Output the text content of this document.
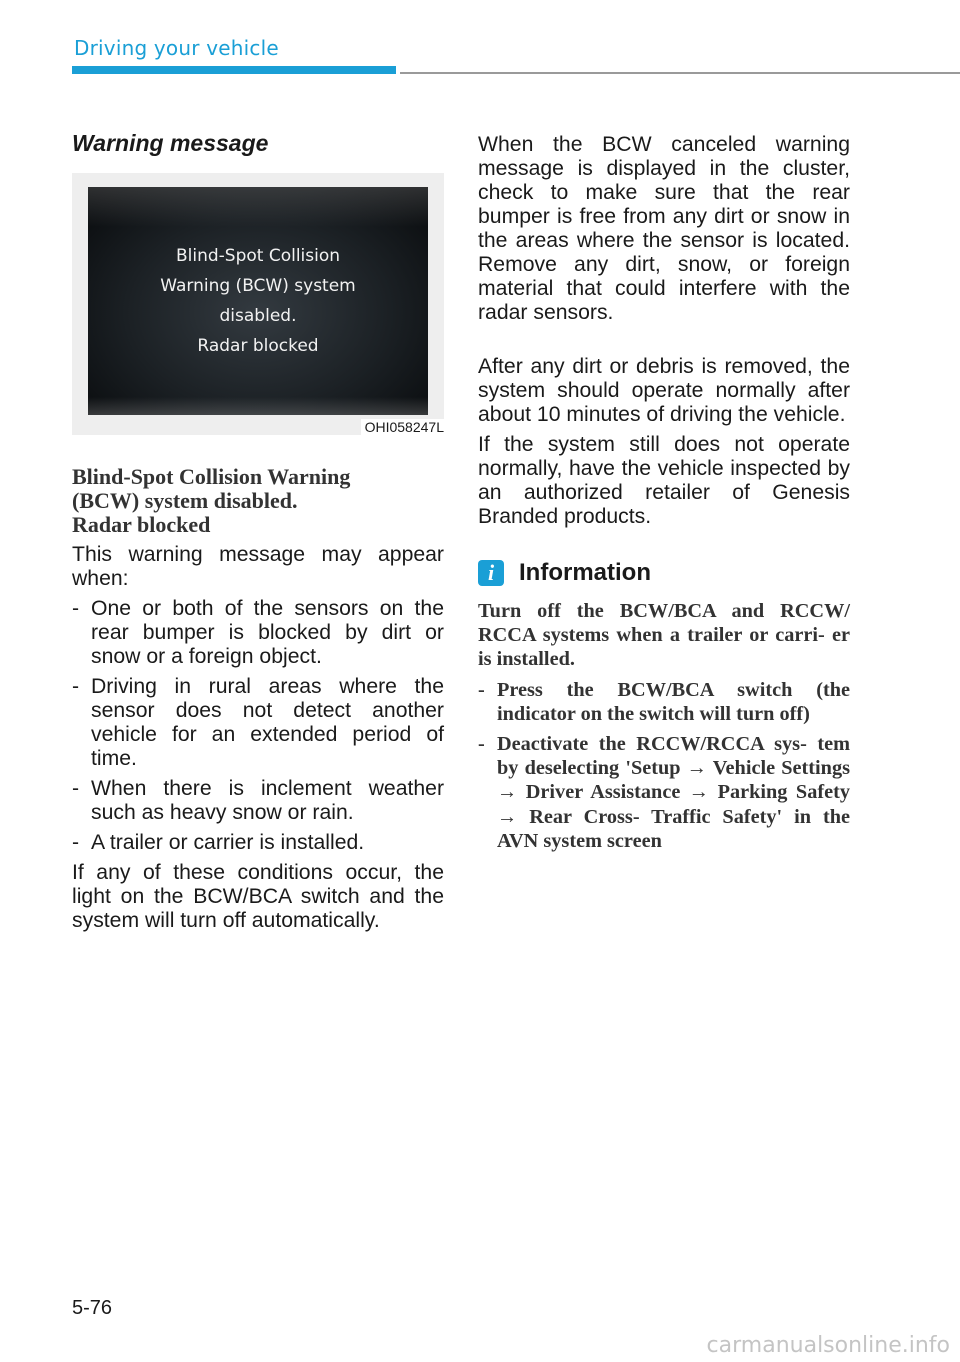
Driving your vehicle

Warning message

Blind-Spot Collision
Warning (BCW) system
disabled.
Radar blocked
OHI058247L

Blind-Spot Collision Warning
(BCW) system disabled.
Radar blocked

This warning message may appear when:

- One or both of the sensors on the rear bumper is blocked by dirt or snow or a foreign object.
- Driving in rural areas where the sensor does not detect another vehicle for an extended period of time.
- When there is inclement weather such as heavy snow or rain.
- A trailer or carrier is installed.

If any of these conditions occur, the light on the BCW/BCA switch and the system will turn off automatically.

When the BCW canceled warning message is displayed in the cluster, check to make sure that the rear bumper is free from any dirt or snow in the areas where the sensor is located. Remove any dirt, snow, or foreign material that could interfere with the radar sensors.

After any dirt or debris is removed, the system should operate normally after about 10 minutes of driving the vehicle.

If the system still does not operate normally, have the vehicle inspected by an authorized retailer of Genesis Branded products.

i	Information

Turn off the BCW/BCA and RCCW/ RCCA systems when a trailer or carri- er is installed.

- Press the BCW/BCA switch (the indicator on the switch will turn off)
- Deactivate the RCCW/RCCA sys- tem by deselecting 'Setup → Vehicle Settings → Driver Assistance → Parking Safety → Rear Cross- Traffic Safety' in the AVN system screen
5-76
carmanualsonline.info
